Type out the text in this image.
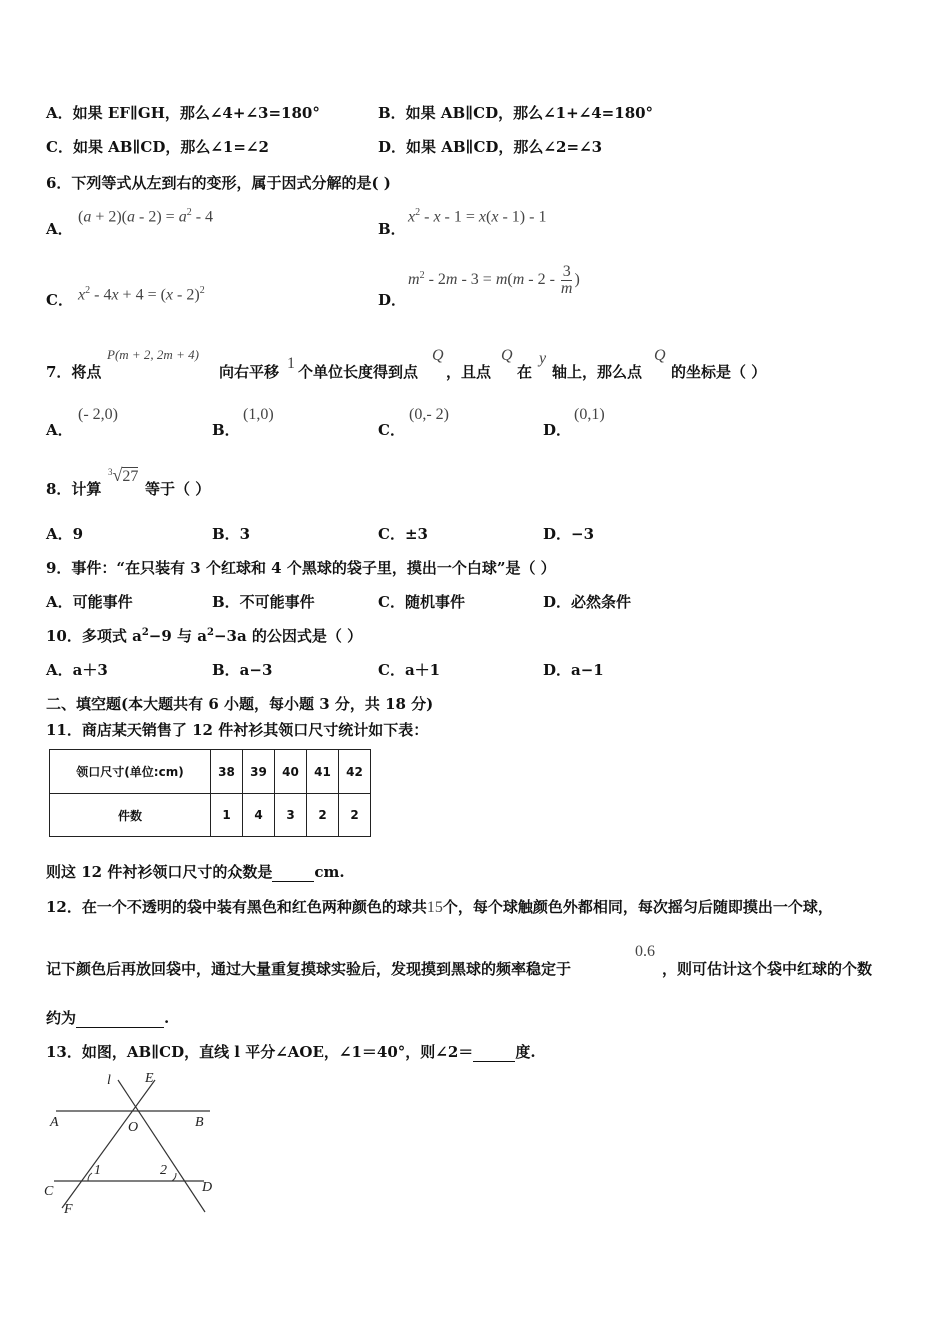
A．如果 EF∥GH，那么∠4+∠3=180°	B．如果 AB∥CD，那么∠1+∠4=180°
C．如果 AB∥CD，那么∠1=∠2	D．如果 AB∥CD，那么∠2=∠3
6．下列等式从左到右的变形，属于因式分解的是( )
A．
$(a + 2)(a - 2) = a^2 - 4$
B．
$x^2 - x - 1 = x(x - 1) - 1$
C． $x^2 - 4x + 4 = (x - 2)^2$
D．
$m^2 - 2m - 3 = m(m - 2 - \frac{3}{m}$ )
7．将点
P(m + 2, 2m + 4)
向右平移 1 个单位长度得到点
Q
，且点
Q
在
y
轴上，那么点
Q
的坐标是（ ）
A．
(- 2,0)
B．
(1,0)
C．
(0,- 2)
D．
(0,1)
8．计算
$^3$√27
等于（ ）
A．9	B．3	C．±3	D．−3
9．事件：“在只装有 3 个红球和 4 个黑球的袋子里，摸出一个白球”是（ ）
A．可能事件	B．不可能事件	C．随机事件	D．必然条件
10．多项式 $a^2-9$ 与 $a^2-3a$ 的公因式是（ ）
A．a＋3	B．a−3	C．a＋1	D．a−1
二、填空题(本大题共有 6 小题，每小题 3 分，共 18 分)
11．商店某天销售了 12 件衬衫其领口尺寸统计如下表：
领口尺寸(单位:cm)	38	39	40	41	42
件数	1	4	3	2	2
则这 12 件衬衫领口尺寸的众数是	cm.
12．在一个不透明的袋中装有黑色和红色两种颜色的球共15个，每个球触颜色外都相同，每次摇匀后随即摸出一个球，
记下颜色后再放回袋中，通过大量重复摸球实验后，发现摸到黑球的频率稳定于
0.6
，则可估计这个袋中红球的个数
约为	.
13．如图，AB∥CD，直线 l 平分∠AOE，∠1＝40°，则∠2＝	度.
l E
A	B
O
C	D
F
1	2
